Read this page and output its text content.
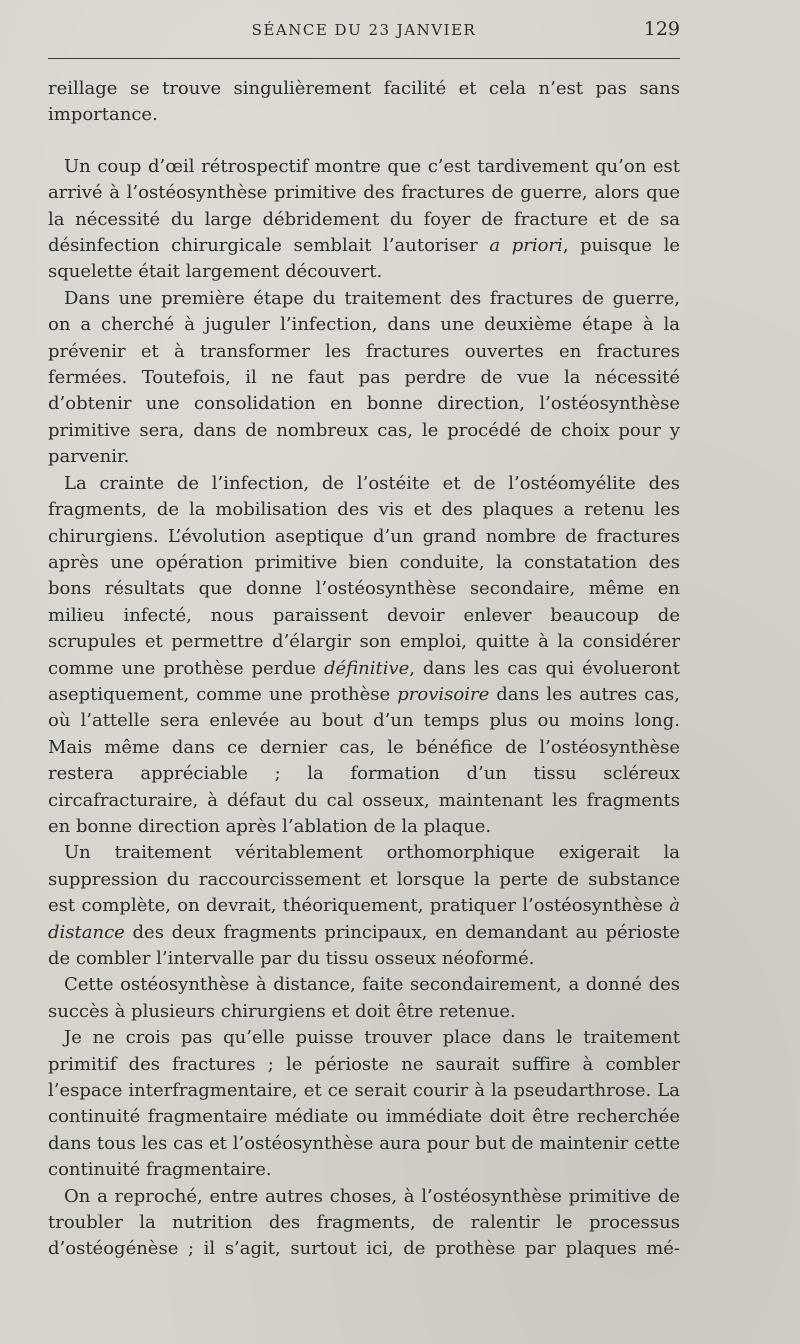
SÉANCE DU 23 JANVIER	129

reillage se trouve singulièrement facilité et cela n’est pas sans importance.

Un coup d’œil rétrospectif montre que c’est tardivement qu’on est arrivé à l’ostéosynthèse primitive des fractures de guerre, alors que la nécessité du large débridement du foyer de fracture et de sa désinfection chirurgicale semblait l’autoriser a priori, puisque le squelette était largement découvert.

Dans une première étape du traitement des fractures de guerre, on a cherché à juguler l’infection, dans une deuxième étape à la prévenir et à transformer les fractures ouvertes en fractures fermées. Toutefois, il ne faut pas perdre de vue la nécessité d’obtenir une consolidation en bonne direction, l’ostéosynthèse primitive sera, dans de nombreux cas, le procédé de choix pour y parvenir.

La crainte de l’infection, de l’ostéite et de l’ostéomyélite des fragments, de la mobilisation des vis et des plaques a retenu les chirurgiens. L’évolution aseptique d’un grand nombre de fractures après une opération primitive bien conduite, la constatation des bons résultats que donne l’ostéosynthèse secondaire, même en milieu infecté, nous paraissent devoir enlever beaucoup de scrupules et permettre d’élargir son emploi, quitte à la considérer comme une prothèse perdue définitive, dans les cas qui évolueront aseptiquement, comme une prothèse provisoire dans les autres cas, où l’attelle sera enlevée au bout d’un temps plus ou moins long. Mais même dans ce dernier cas, le bénéfice de l’ostéosynthèse restera appréciable ; la formation d’un tissu scléreux circafracturaire, à défaut du cal osseux, maintenant les fragments en bonne direction après l’ablation de la plaque.

Un traitement véritablement orthomorphique exigerait la suppression du raccourcissement et lorsque la perte de substance est complète, on devrait, théoriquement, pratiquer l’ostéosynthèse à distance des deux fragments principaux, en demandant au périoste de combler l’intervalle par du tissu osseux néoformé.

Cette ostéosynthèse à distance, faite secondairement, a donné des succès à plusieurs chirurgiens et doit être retenue.

Je ne crois pas qu’elle puisse trouver place dans le traitement primitif des fractures ; le périoste ne saurait suffire à combler l’espace interfragmentaire, et ce serait courir à la pseudarthrose. La continuité fragmentaire médiate ou immédiate doit être recherchée dans tous les cas et l’ostéosynthèse aura pour but de maintenir cette continuité fragmentaire.

On a reproché, entre autres choses, à l’ostéosynthèse primitive de troubler la nutrition des fragments, de ralentir le processus d’ostéogénèse ; il s’agit, surtout ici, de prothèse par plaques mé-
